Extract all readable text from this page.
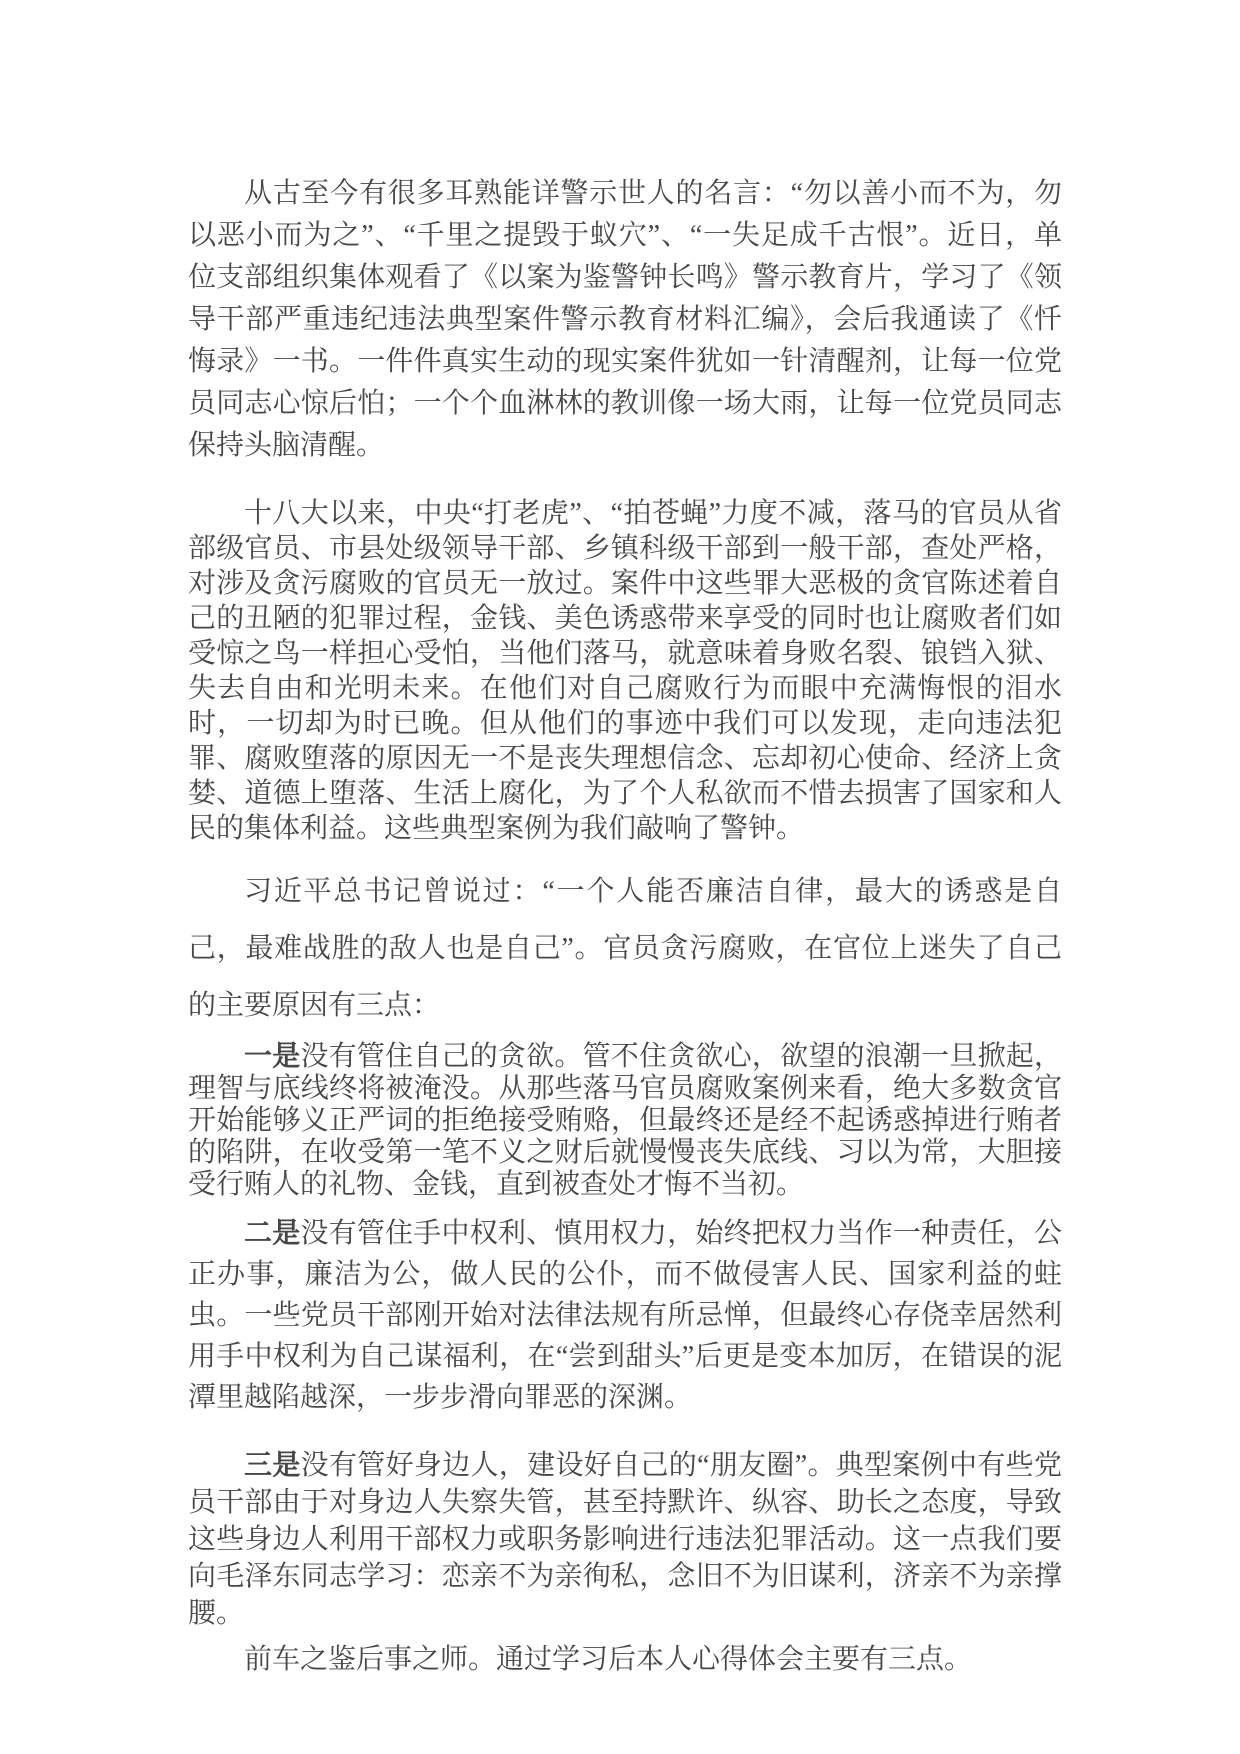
从古至今有很多耳熟能详警示世人的名言：“勿以善小而不为，勿以恶小而为之”、“千里之提毁于蚁穴”、“一失足成千古恨”。近日，单位支部组织集体观看了《以案为鉴警钟长鸣》警示教育片，学习了《领导干部严重违纪违法典型案件警示教育材料汇编》，会后我通读了《忏悔录》一书。一件件真实生动的现实案件犹如一针清醒剂，让每一位党员同志心惊后怕；一个个血淋林的教训像一场大雨，让每一位党员同志保持头脑清醒。

十八大以来，中央“打老虎”、“拍苍蝇”力度不减，落马的官员从省部级官员、市县处级领导干部、乡镇科级干部到一般干部，查处严格，对涉及贪污腐败的官员无一放过。案件中这些罪大恶极的贪官陈述着自己的丑陋的犯罪过程，金钱、美色诱惑带来享受的同时也让腐败者们如受惊之鸟一样担心受怕，当他们落马，就意味着身败名裂、锒铛入狱、失去自由和光明未来。在他们对自己腐败行为而眼中充满悔恨的泪水时，一切却为时已晚。但从他们的事迹中我们可以发现，走向违法犯罪、腐败堕落的原因无一不是丧失理想信念、忘却初心使命、经济上贪婪、道德上堕落、生活上腐化，为了个人私欲而不惜去损害了国家和人民的集体利益。这些典型案例为我们敲响了警钟。

习近平总书记曾说过：“一个人能否廉洁自律，最大的诱惑是自己，最难战胜的敌人也是自己”。官员贪污腐败，在官位上迷失了自己的主要原因有三点：

一是没有管住自己的贪欲。管不住贪欲心，欲望的浪潮一旦掀起，理智与底线终将被淹没。从那些落马官员腐败案例来看，绝大多数贪官开始能够义正严词的拒绝接受贿赂，但最终还是经不起诱惑掉进行贿者的陷阱，在收受第一笔不义之财后就慢慢丧失底线、习以为常，大胆接受行贿人的礼物、金钱，直到被查处才悔不当初。

二是没有管住手中权利、慎用权力，始终把权力当作一种责任，公正办事，廉洁为公，做人民的公仆，而不做侵害人民、国家利益的蛀虫。一些党员干部刚开始对法律法规有所忌惮，但最终心存侥幸居然利用手中权利为自己谋福利，在“尝到甜头”后更是变本加厉，在错误的泥潭里越陷越深，一步步滑向罪恶的深渊。

三是没有管好身边人，建设好自己的“朋友圈”。典型案例中有些党员干部由于对身边人失察失管，甚至持默许、纵容、助长之态度，导致这些身边人利用干部权力或职务影响进行违法犯罪活动。这一点我们要向毛泽东同志学习：恋亲不为亲徇私，念旧不为旧谋利，济亲不为亲撑腰。

前车之鉴后事之师。通过学习后本人心得体会主要有三点。
